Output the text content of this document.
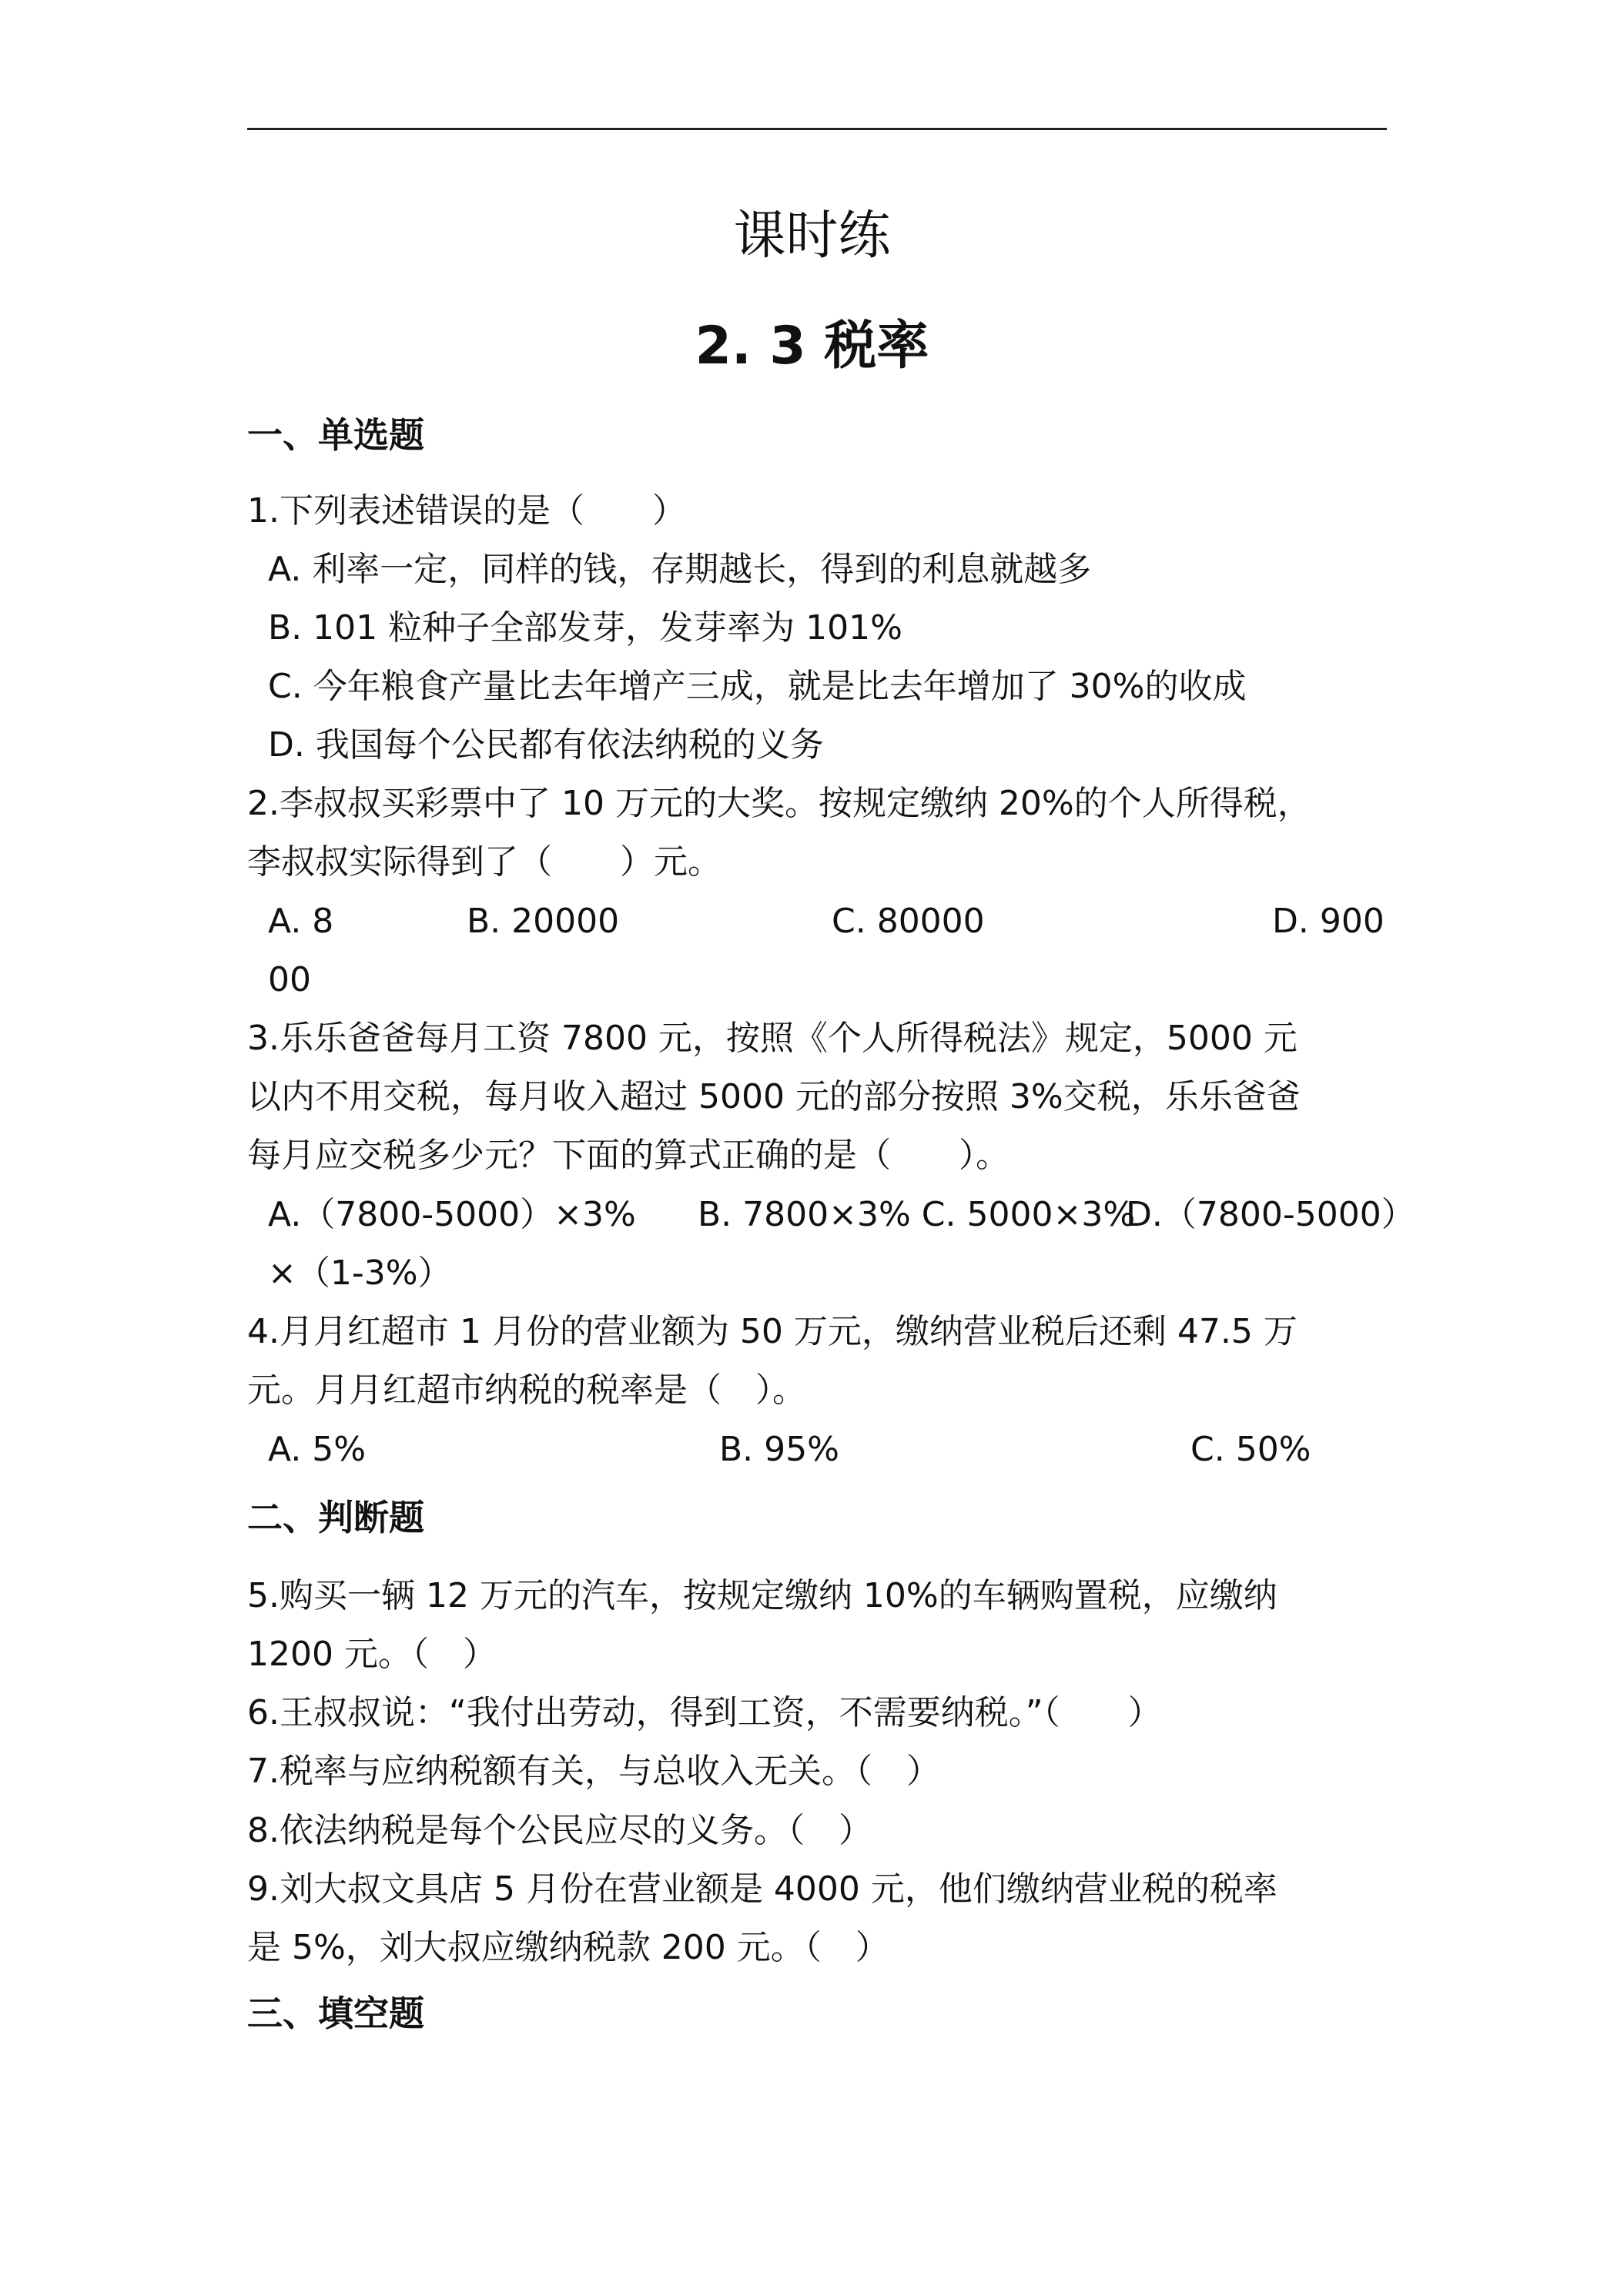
课时练
2. 3 税率
一、单选题
1.下列表述错误的是（　　）
A. 利率一定，同样的钱，存期越长，得到的利息就越多
B. 101 粒种子全部发芽，发芽率为 101%
C. 今年粮食产量比去年增产三成，就是比去年增加了 30%的收成
D. 我国每个公民都有依法纳税的义务
2.李叔叔买彩票中了 10 万元的大奖。按规定缴纳 20%的个人所得税，
李叔叔实际得到了（　　）元。
A. 8	B. 20000	C. 80000	D. 900
00
3.乐乐爸爸每月工资 7800 元，按照《个人所得税法》规定，5000 元
以内不用交税，每月收入超过 5000 元的部分按照 3%交税，乐乐爸爸
每月应交税多少元？下面的算式正确的是（　　）。
A.（7800-5000）×3% B. 7800×3% C. 5000×3%
D.（7800-5000）
×（1-3%）
4.月月红超市 1 月份的营业额为 50 万元，缴纳营业税后还剩 47.5 万
元。月月红超市纳税的税率是（　）。
A. 5%	B. 95%	C. 50%
二、判断题
5.购买一辆 12 万元的汽车，按规定缴纳 10%的车辆购置税，应缴纳
1200 元。（　）
6.王叔叔说：“我付出劳动，得到工资，不需要纳税。”（　　）
7.税率与应纳税额有关，与总收入无关。（　）
8.依法纳税是每个公民应尽的义务。（　）
9.刘大叔文具店 5 月份在营业额是 4000 元，他们缴纳营业税的税率
是 5%，刘大叔应缴纳税款 200 元。（　）
三、填空题
